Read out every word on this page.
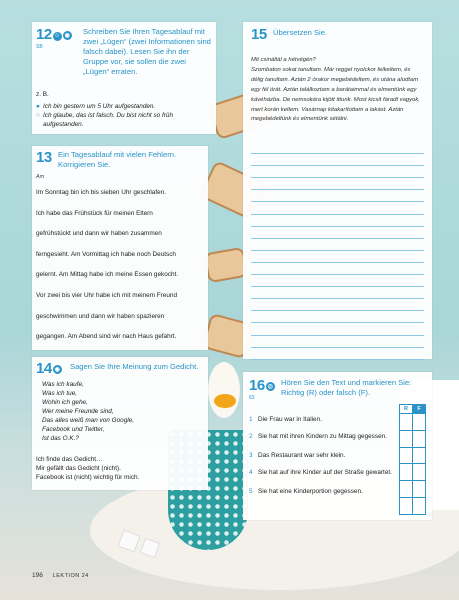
12 ☺ ◉
SB
Schreiben Sie Ihren Tagesablauf mit zwei „Lügen“ (zwei Informationen sind falsch dabei). Lesen Sie ihn der Gruppe vor, sie sollen die zwei „Lügen“ erraten.
z. B.
● Ich bin gestern um 5 Uhr aufgestanden.
○ Ich glaube, das ist falsch. Du bist nicht so früh aufgestanden.
13 Ein Tagesablauf mit vielen Fehlern. Korrigieren Sie.
Am
Im Sonntag bin ich bis sieben Uhr geschlafen.
Ich habe das Frühstück für meinen Eltern
gefrühstückt und dann wir haben zusammen
ferngesieht. Am Vormittag ich habe noch Deutsch
gelernt. Am Mittag habe ich meine Essen gekocht.
Vor zwei bis vier Uhr habe ich mit meinem Freund
geschwimmen und dann wir haben spazieren
gegangen. Am Abend sind wir nach Haus gefahrt.
14 ◉ Sagen Sie Ihre Meinung zum Gedicht.
Was ich kaufe,
Was ich tue,
Wohin ich gehe,
Wer meine Freunde sind,
Das alles weiß man von Google,
Facebook und Twitter,
Ist das O.K.?
Ich finde das Gedicht…
Mir gefällt das Gedicht (nicht).
Facebook ist (nicht) wichtig für mich.
15 Übersetzen Sie.
Mit csináltál a hétvégén?
Szombaton sokat tanultam. Már reggel nyolckor felkeltem, és délig tanultam. Aztán 2 órakor megebédeltem, és utána aludtam egy fél órát. Aztán találkoztam a barátaimmal és elmentünk egy kávéházba. De nemsokára kijött ittunk. Most kicsit fáradt vagyok, mert korán keltem. Vasárnap kitakarítottam a lakást. Aztán megebédeltünk és elmentünk sétálni.
16 ◎
63
Hören Sie den Text und markieren Sie: Richtig (R) oder falsch (F).
R	F

1 Die Frau war in Italien.
2 Sie hat mit ihren Kindern zu Mittag gegessen.
3 Das Restaurant war sehr klein.
4 Sie hat auf ihre Kinder auf der Straße gewartet.
5 Sie hat eine Kinderportion gegessen.
196 LEKTION 24
